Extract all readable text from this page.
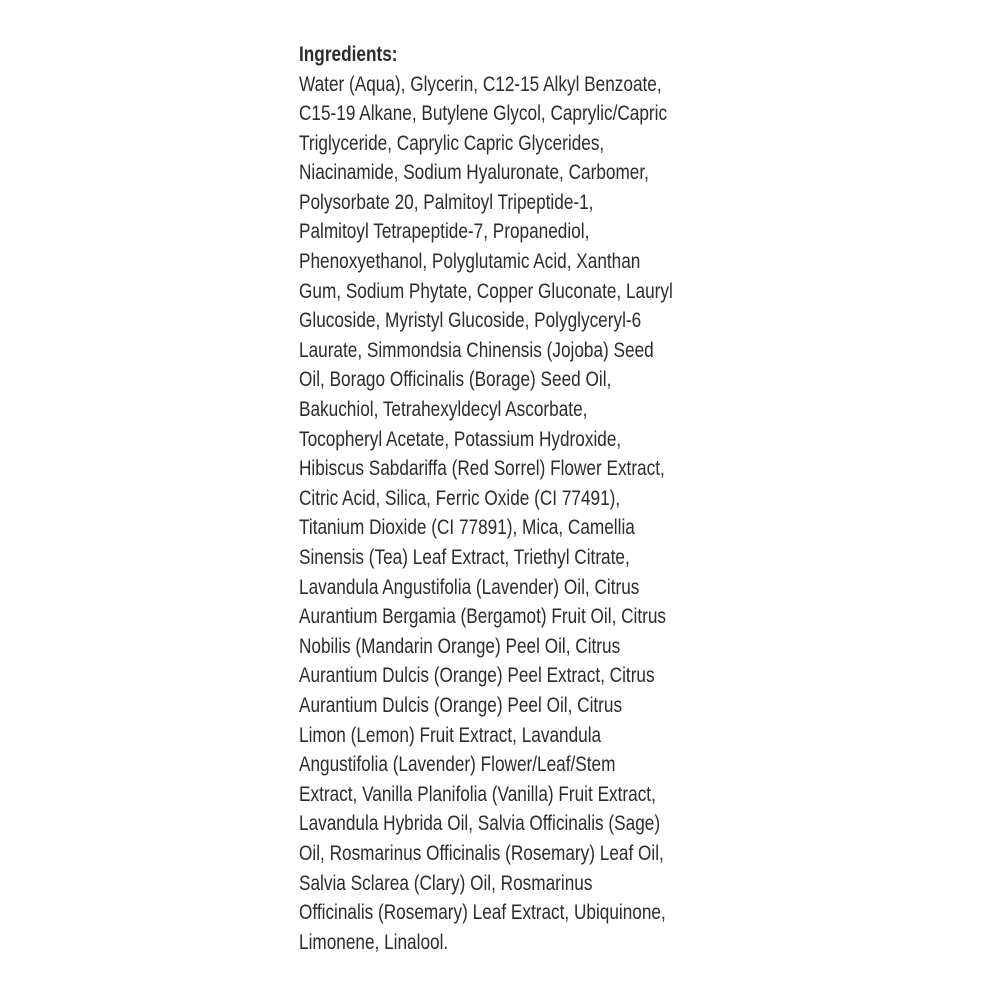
Ingredients:
Water (Aqua), Glycerin, C12-15 Alkyl Benzoate,
C15-19 Alkane, Butylene Glycol, Caprylic/Capric
Triglyceride, Caprylic Capric Glycerides,
Niacinamide, Sodium Hyaluronate, Carbomer,
Polysorbate 20, Palmitoyl Tripeptide-1,
Palmitoyl Tetrapeptide-7, Propanediol,
Phenoxyethanol, Polyglutamic Acid, Xanthan
Gum, Sodium Phytate, Copper Gluconate, Lauryl
Glucoside, Myristyl Glucoside, Polyglyceryl-6
Laurate, Simmondsia Chinensis (Jojoba) Seed
Oil, Borago Officinalis (Borage) Seed Oil,
Bakuchiol, Tetrahexyldecyl Ascorbate,
Tocopheryl Acetate, Potassium Hydroxide,
Hibiscus Sabdariffa (Red Sorrel) Flower Extract,
Citric Acid, Silica, Ferric Oxide (CI 77491),
Titanium Dioxide (CI 77891), Mica, Camellia
Sinensis (Tea) Leaf Extract, Triethyl Citrate,
Lavandula Angustifolia (Lavender) Oil, Citrus
Aurantium Bergamia (Bergamot) Fruit Oil, Citrus
Nobilis (Mandarin Orange) Peel Oil, Citrus
Aurantium Dulcis (Orange) Peel Extract, Citrus
Aurantium Dulcis (Orange) Peel Oil, Citrus
Limon (Lemon) Fruit Extract, Lavandula
Angustifolia (Lavender) Flower/Leaf/Stem
Extract, Vanilla Planifolia (Vanilla) Fruit Extract,
Lavandula Hybrida Oil, Salvia Officinalis (Sage)
Oil, Rosmarinus Officinalis (Rosemary) Leaf Oil,
Salvia Sclarea (Clary) Oil, Rosmarinus
Officinalis (Rosemary) Leaf Extract, Ubiquinone,
Limonene, Linalool.
